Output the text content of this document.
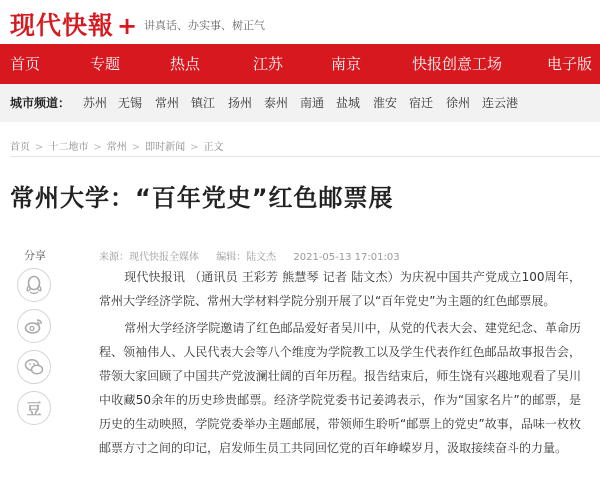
现代快報 + 讲真话、办实事、树正气
首页	专题	热点	江苏	南京	快报创意工场	电子版
城市频道： 苏州 无锡 常州 镇江 扬州 泰州 南通 盐城 淮安 宿迁 徐州 连云港
首页 > 十二地市 > 常州 > 即时新闻 > 正文
常州大学：“百年党史”红色邮票展
分享
豆
来源：现代快报全媒体 编辑：陆文杰 2021-05-13 17:01:03

现代快报讯 （通讯员 王彩芳 熊慧琴 记者 陆文杰）为庆祝中国共产党成立100周年，常州大学经济学院、常州大学材料学院分别开展了以“百年党史”为主题的红色邮票展。

常州大学经济学院邀请了红色邮品爱好者吴川中，从党的代表大会、建党纪念、革命历程、领袖伟人、人民代表大会等八个维度为学院教工以及学生代表作红色邮品故事报告会，带领大家回顾了中国共产党波澜壮阔的百年历程。报告结束后，师生饶有兴趣地观看了吴川中收藏50余年的历史珍贵邮票。经济学院党委书记姜鸿表示，作为“国家名片”的邮票，是历史的生动映照，学院党委举办主题邮展，带领师生聆听“邮票上的党史”故事，品味一枚枚邮票方寸之间的印记，启发师生员工共同回忆党的百年峥嵘岁月，汲取接续奋斗的力量。
